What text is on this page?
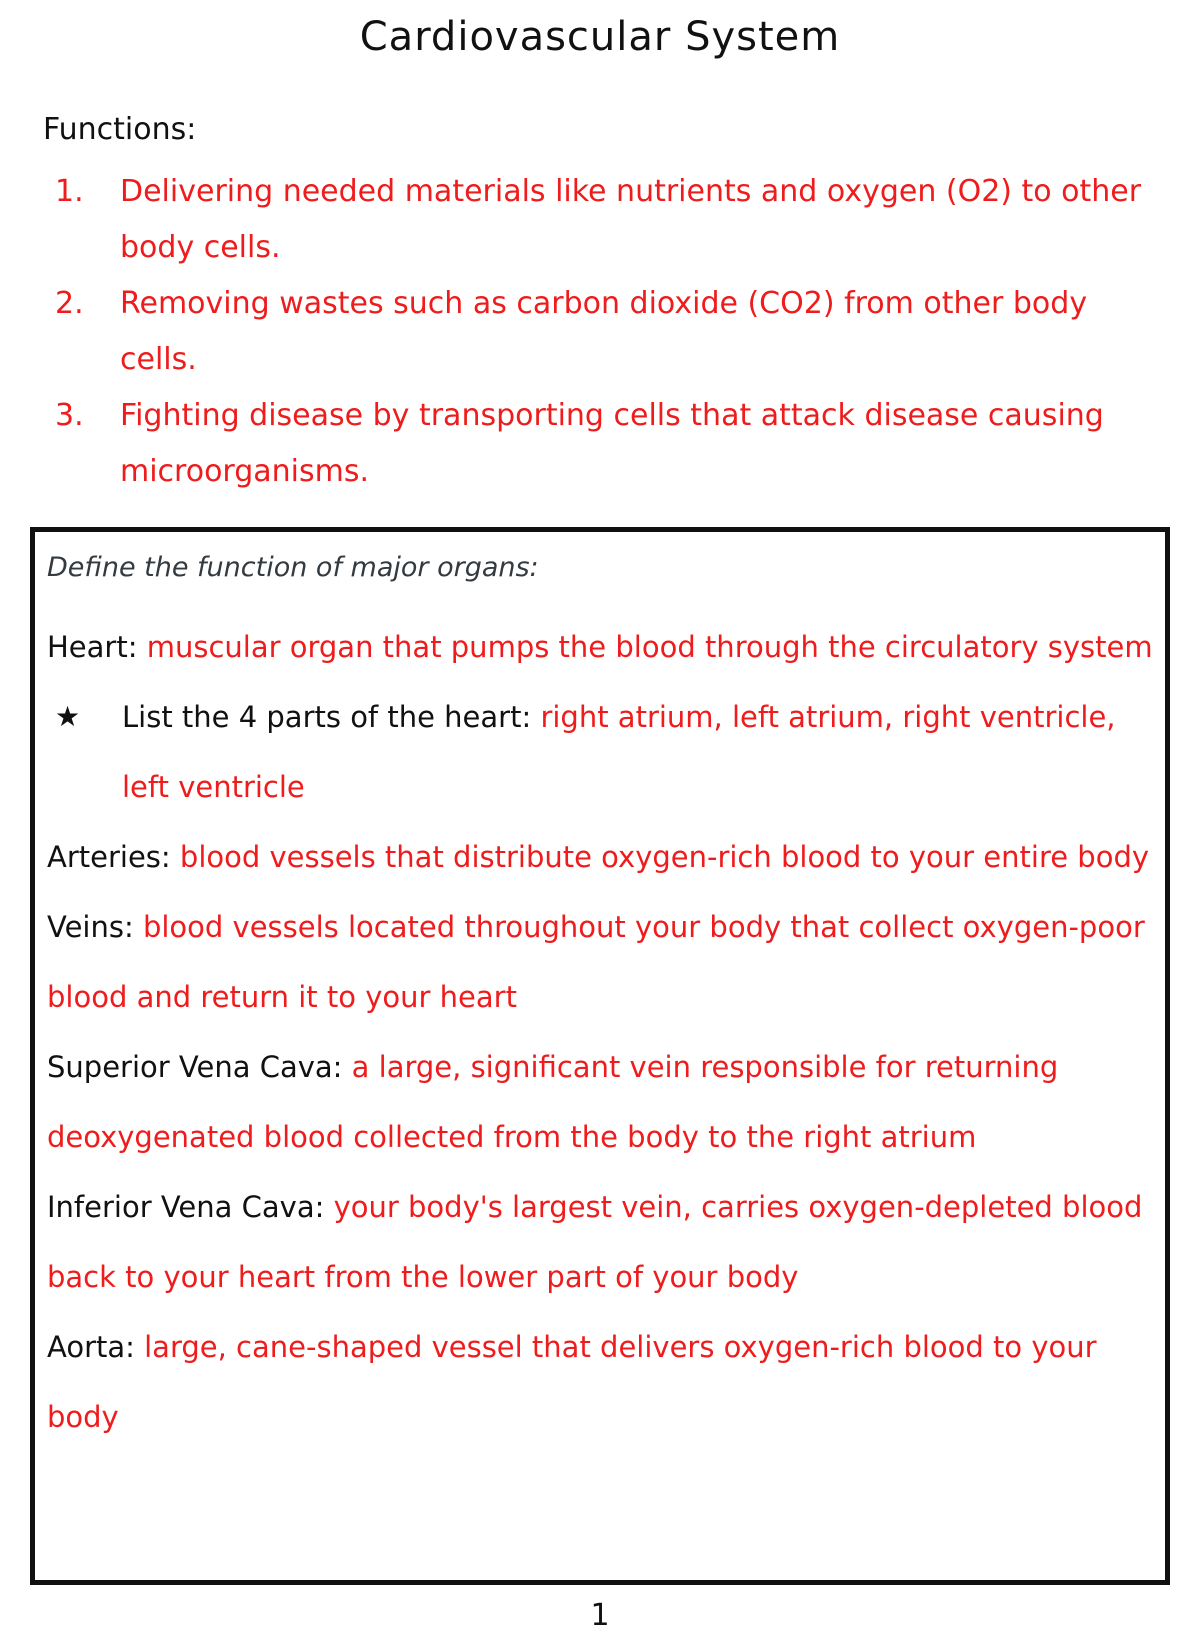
Cardiovascular System
Functions:
1. Delivering needed materials like nutrients and oxygen (O2) to other body cells.
2. Removing wastes such as carbon dioxide (CO2) from other body cells.
3. Fighting disease by transporting cells that attack disease causing microorganisms.
Define the function of major organs:
Heart: muscular organ that pumps the blood through the circulatory system
★ List the 4 parts of the heart: right atrium, left atrium, right ventricle, left ventricle
Arteries: blood vessels that distribute oxygen-rich blood to your entire body
Veins: blood vessels located throughout your body that collect oxygen-poor blood and return it to your heart
Superior Vena Cava: a large, significant vein responsible for returning deoxygenated blood collected from the body to the right atrium
Inferior Vena Cava: your body's largest vein, carries oxygen-depleted blood back to your heart from the lower part of your body
Aorta: large, cane-shaped vessel that delivers oxygen-rich blood to your body
1
